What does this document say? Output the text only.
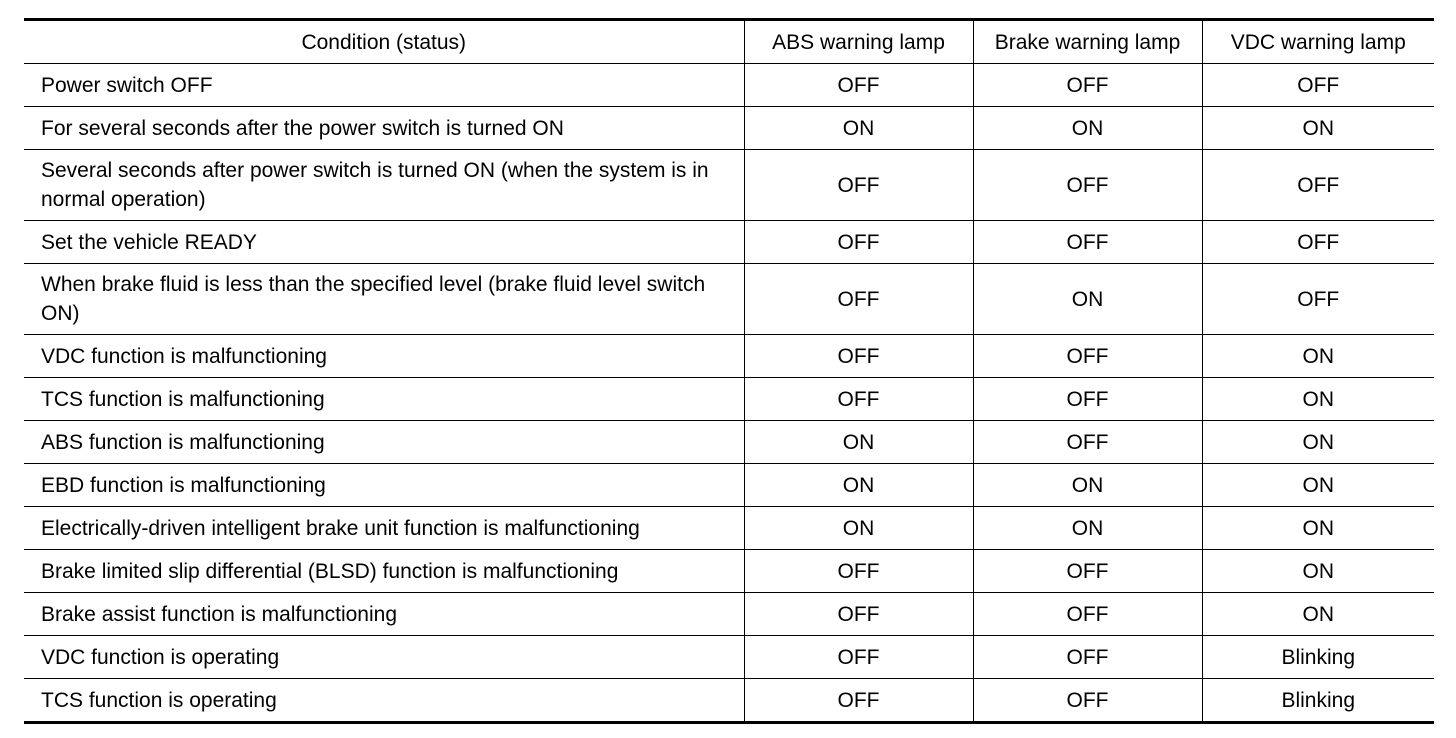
Condition (status)	ABS warning lamp	Brake warning lamp	VDC warning lamp
Power switch OFF	OFF	OFF	OFF
For several seconds after the power switch is turned ON	ON	ON	ON
Several seconds after power switch is turned ON (when the system is in normal operation)	OFF	OFF	OFF
Set the vehicle READY	OFF	OFF	OFF
When brake fluid is less than the specified level (brake fluid level switch ON)	OFF	ON	OFF
VDC function is malfunctioning	OFF	OFF	ON
TCS function is malfunctioning	OFF	OFF	ON
ABS function is malfunctioning	ON	OFF	ON
EBD function is malfunctioning	ON	ON	ON
Electrically-driven intelligent brake unit function is malfunctioning	ON	ON	ON
Brake limited slip differential (BLSD) function is malfunctioning	OFF	OFF	ON
Brake assist function is malfunctioning	OFF	OFF	ON
VDC function is operating	OFF	OFF	Blinking
TCS function is operating	OFF	OFF	Blinking
